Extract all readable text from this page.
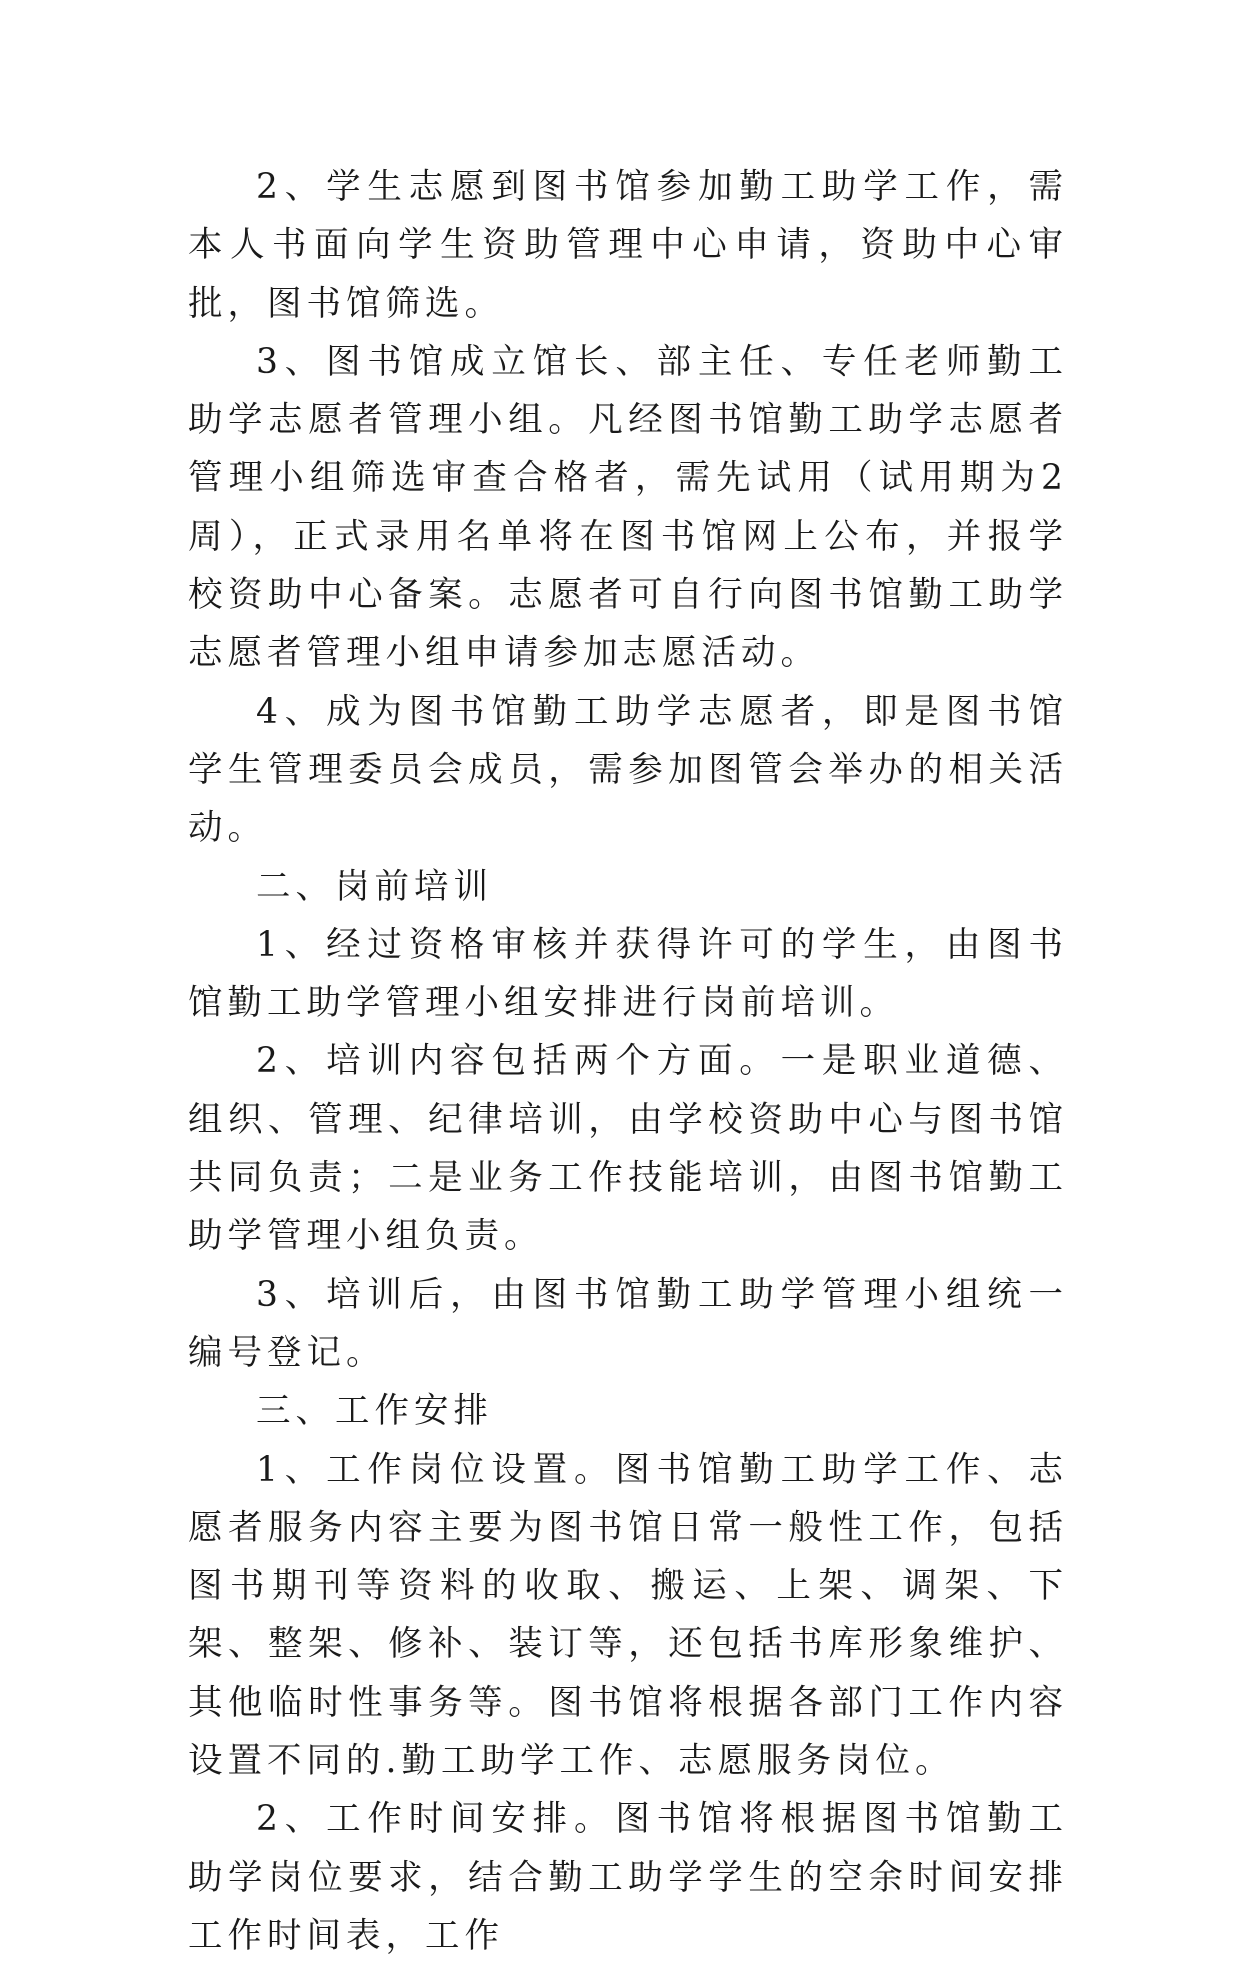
2、学生志愿到图书馆参加勤工助学工作，需本人书面向学生资助管理中心申请，资助中心审批，图书馆筛选。

3、图书馆成立馆长、部主任、专任老师勤工助学志愿者管理小组。凡经图书馆勤工助学志愿者管理小组筛选审查合格者，需先试用（试用期为2周），正式录用名单将在图书馆网上公布，并报学校资助中心备案。志愿者可自行向图书馆勤工助学志愿者管理小组申请参加志愿活动。

4、成为图书馆勤工助学志愿者，即是图书馆学生管理委员会成员，需参加图管会举办的相关活动。

二、岗前培训

1、经过资格审核并获得许可的学生，由图书馆勤工助学管理小组安排进行岗前培训。

2、培训内容包括两个方面。一是职业道德、组织、管理、纪律培训，由学校资助中心与图书馆共同负责；二是业务工作技能培训，由图书馆勤工助学管理小组负责。

3、培训后，由图书馆勤工助学管理小组统一编号登记。

三、工作安排

1、工作岗位设置。图书馆勤工助学工作、志愿者服务内容主要为图书馆日常一般性工作，包括图书期刊等资料的收取、搬运、上架、调架、下架、整架、修补、装订等，还包括书库形象维护、其他临时性事务等。图书馆将根据各部门工作内容设置不同的.勤工助学工作、志愿服务岗位。

2、工作时间安排。图书馆将根据图书馆勤工助学岗位要求，结合勤工助学学生的空余时间安排工作时间表，工作
